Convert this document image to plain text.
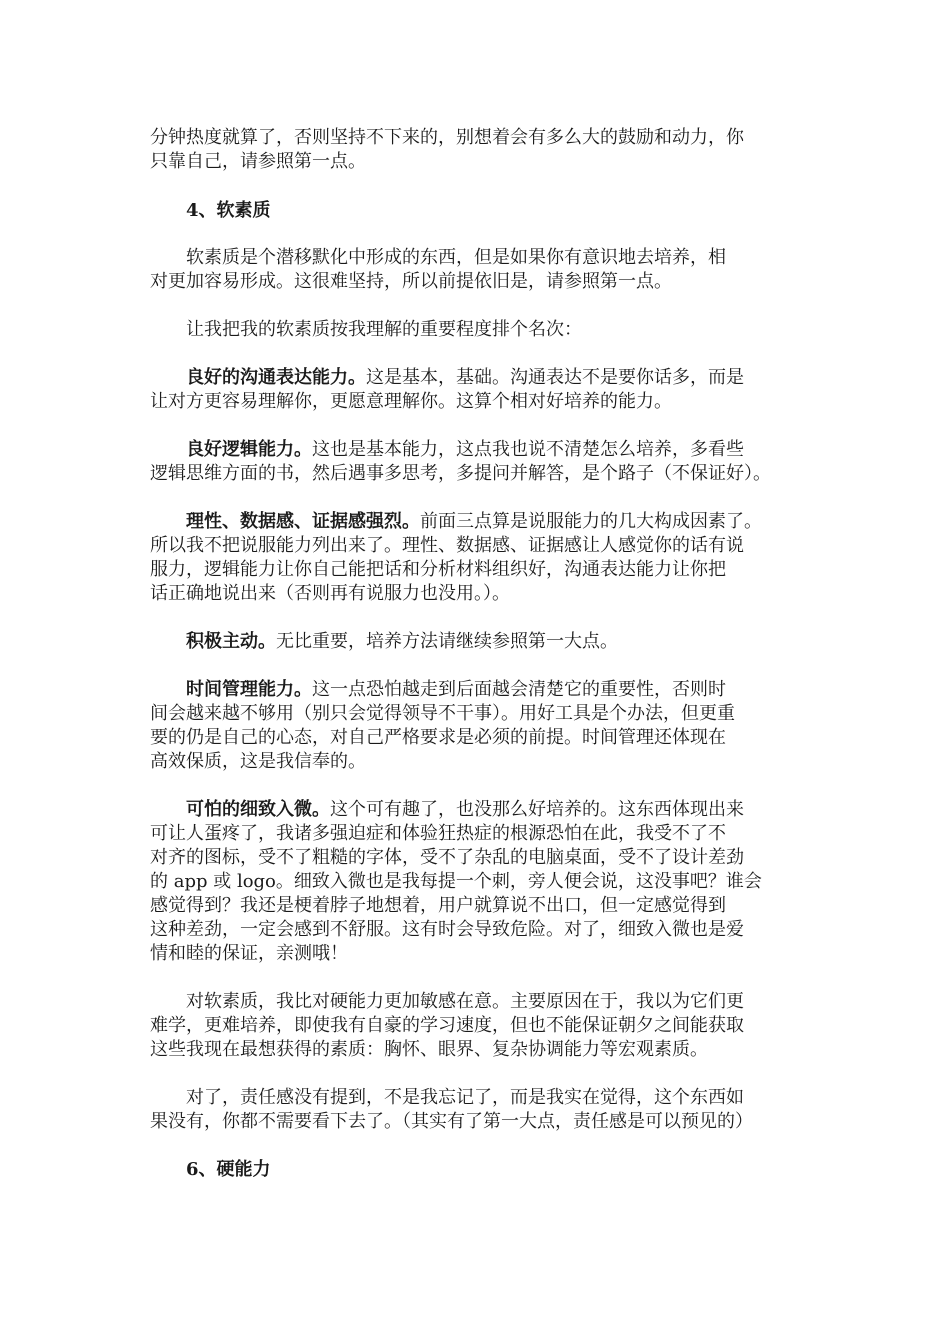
分钟热度就算了，否则坚持不下来的，别想着会有多么大的鼓励和动力，你

只靠自己，请参照第一点。

4、软素质

软素质是个潜移默化中形成的东西，但是如果你有意识地去培养，相

对更加容易形成。这很难坚持，所以前提依旧是，请参照第一点。

让我把我的软素质按我理解的重要程度排个名次：

良好的沟通表达能力。这是基本，基础。沟通表达不是要你话多，而是

让对方更容易理解你，更愿意理解你。这算个相对好培养的能力。

良好逻辑能力。这也是基本能力，这点我也说不清楚怎么培养，多看些

逻辑思维方面的书，然后遇事多思考，多提问并解答，是个路子（不保证好）。

理性、数据感、证据感强烈。前面三点算是说服能力的几大构成因素了。

所以我不把说服能力列出来了。理性、数据感、证据感让人感觉你的话有说

服力，逻辑能力让你自己能把话和分析材料组织好，沟通表达能力让你把

话正确地说出来（否则再有说服力也没用。）。

积极主动。无比重要，培养方法请继续参照第一大点。

时间管理能力。这一点恐怕越走到后面越会清楚它的重要性，否则时

间会越来越不够用（别只会觉得领导不干事）。用好工具是个办法，但更重

要的仍是自己的心态，对自己严格要求是必须的前提。时间管理还体现在

高效保质，这是我信奉的。

可怕的细致入微。这个可有趣了，也没那么好培养的。这东西体现出来

可让人蛋疼了，我诸多强迫症和体验狂热症的根源恐怕在此，我受不了不

对齐的图标，受不了粗糙的字体，受不了杂乱的电脑桌面，受不了设计差劲

的 app 或 logo。细致入微也是我每提一个刺，旁人便会说，这没事吧？谁会

感觉得到？我还是梗着脖子地想着，用户就算说不出口，但一定感觉得到

这种差劲，一定会感到不舒服。这有时会导致危险。对了，细致入微也是爱

情和睦的保证，亲测哦！

对软素质，我比对硬能力更加敏感在意。主要原因在于，我以为它们更

难学，更难培养，即使我有自豪的学习速度，但也不能保证朝夕之间能获取

这些我现在最想获得的素质：胸怀、眼界、复杂协调能力等宏观素质。

对了，责任感没有提到，不是我忘记了，而是我实在觉得，这个东西如

果没有，你都不需要看下去了。（其实有了第一大点，责任感是可以预见的）

6、硬能力
